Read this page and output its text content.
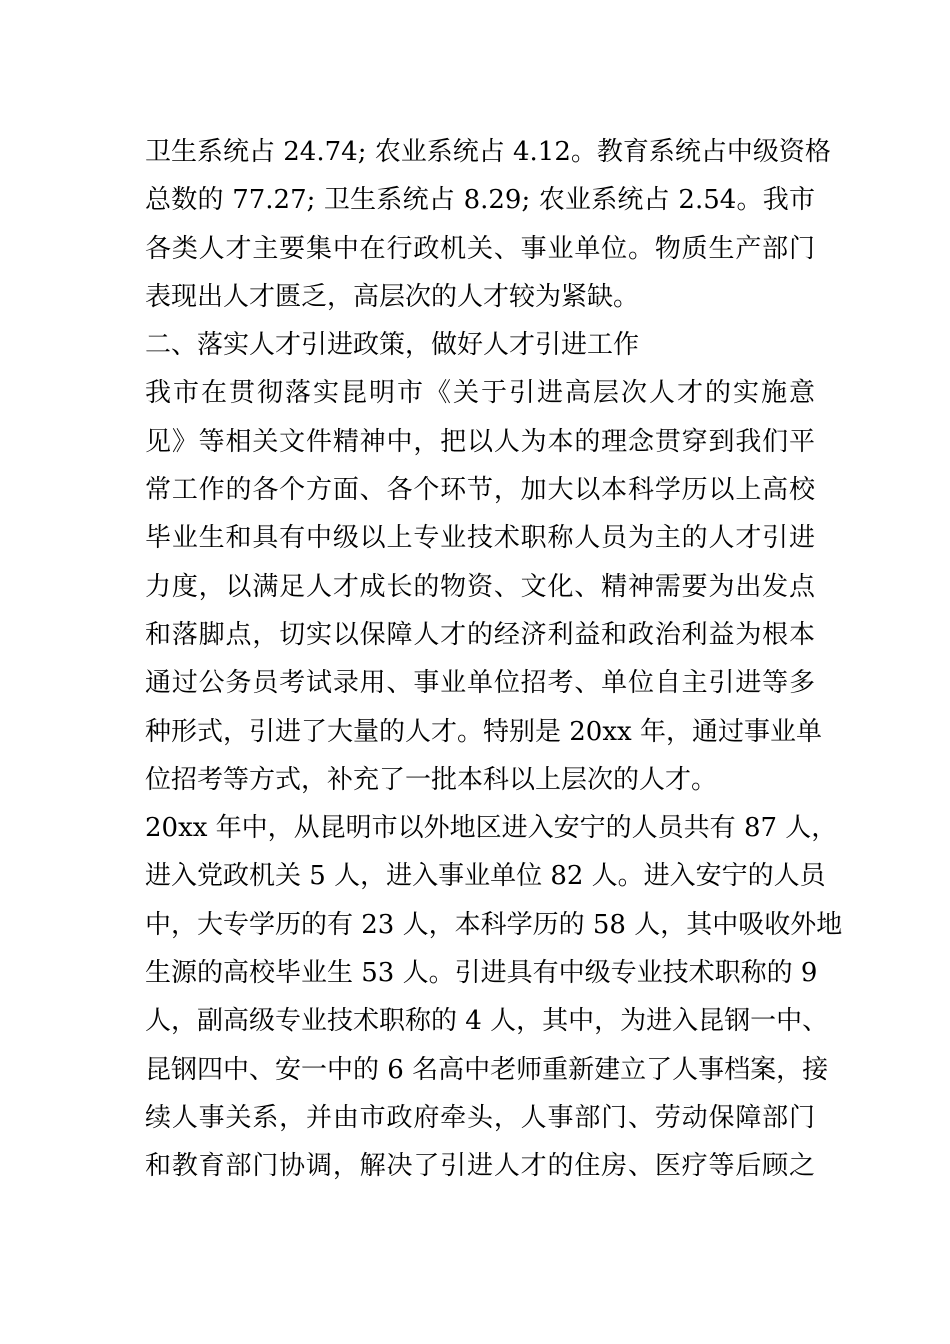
卫生系统占 24.74; 农业系统占 4.12。教育系统占中级资格
总数的 77.27; 卫生系统占 8.29; 农业系统占 2.54。我市
各类人才主要集中在行政机关、事业单位。物质生产部门
表现出人才匮乏，高层次的人才较为紧缺。
二、落实人才引进政策，做好人才引进工作
我市在贯彻落实昆明市《关于引进高层次人才的实施意
见》等相关文件精神中，把以人为本的理念贯穿到我们平
常工作的各个方面、各个环节，加大以本科学历以上高校
毕业生和具有中级以上专业技术职称人员为主的人才引进
力度，以满足人才成长的物资、文化、精神需要为出发点
和落脚点，切实以保障人才的经济利益和政治利益为根本
通过公务员考试录用、事业单位招考、单位自主引进等多
种形式，引进了大量的人才。特别是 20xx 年，通过事业单
位招考等方式，补充了一批本科以上层次的人才。
20xx 年中，从昆明市以外地区进入安宁的人员共有 87 人，
进入党政机关 5 人，进入事业单位 82 人。进入安宁的人员
中，大专学历的有 23 人，本科学历的 58 人，其中吸收外地
生源的高校毕业生 53 人。引进具有中级专业技术职称的 9
人，副高级专业技术职称的 4 人，其中，为进入昆钢一中、
昆钢四中、安一中的 6 名高中老师重新建立了人事档案，接
续人事关系，并由市政府牵头，人事部门、劳动保障部门
和教育部门协调，解决了引进人才的住房、医疗等后顾之
